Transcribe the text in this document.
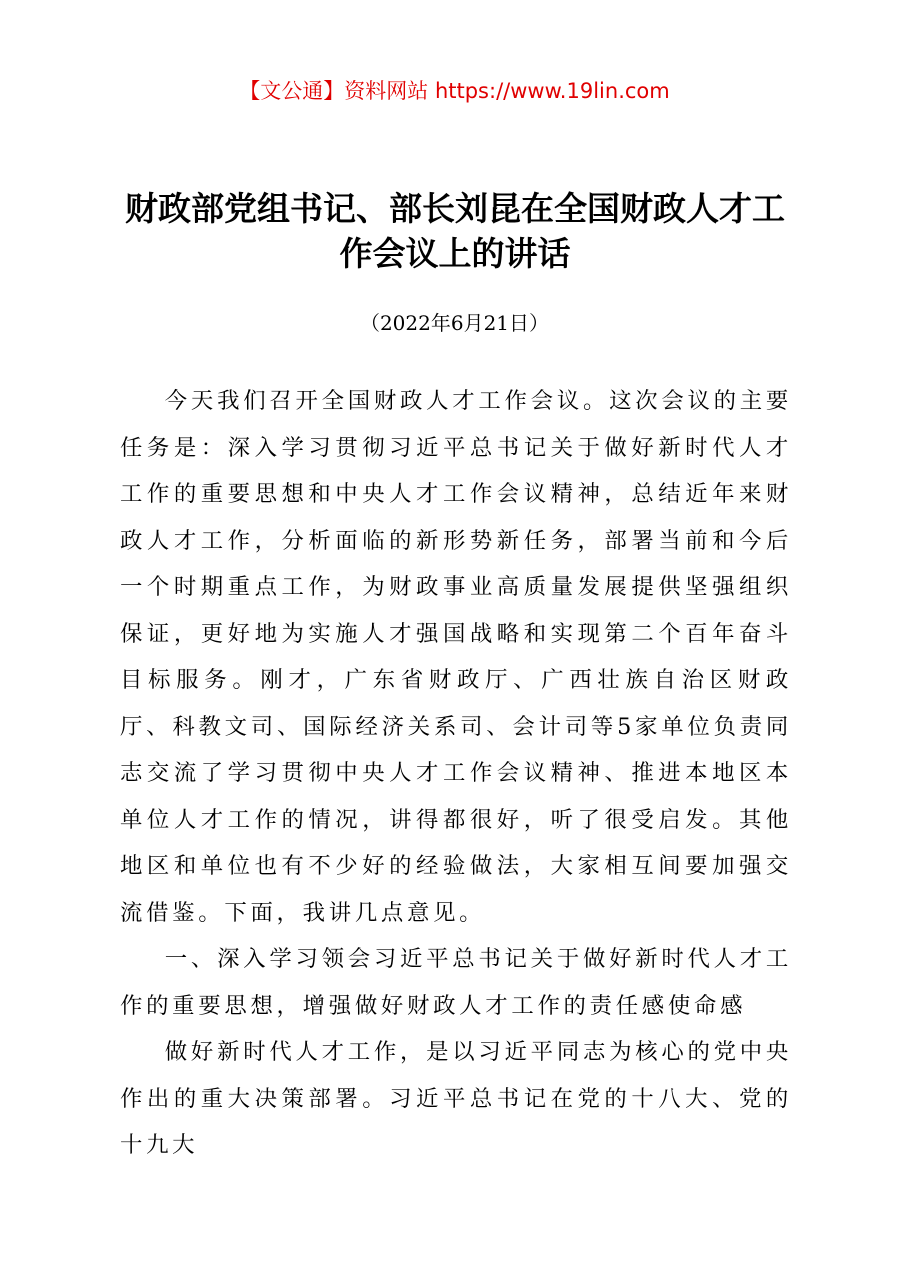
【文公通】资料网站 https://www.19lin.com
财政部党组书记、部长刘昆在全国财政人才工作会议上的讲话
（2022年6月21日）

今天我们召开全国财政人才工作会议。这次会议的主要任务是：深入学习贯彻习近平总书记关于做好新时代人才工作的重要思想和中央人才工作会议精神，总结近年来财政人才工作，分析面临的新形势新任务，部署当前和今后一个时期重点工作，为财政事业高质量发展提供坚强组织保证，更好地为实施人才强国战略和实现第二个百年奋斗目标服务。刚才，广东省财政厅、广西壮族自治区财政厅、科教文司、国际经济关系司、会计司等5家单位负责同志交流了学习贯彻中央人才工作会议精神、推进本地区本单位人才工作的情况，讲得都很好，听了很受启发。其他地区和单位也有不少好的经验做法，大家相互间要加强交流借鉴。下面，我讲几点意见。

一、深入学习领会习近平总书记关于做好新时代人才工作的重要思想，增强做好财政人才工作的责任感使命感

做好新时代人才工作，是以习近平同志为核心的党中央作出的重大决策部署。习近平总书记在党的十八大、党的十九大
